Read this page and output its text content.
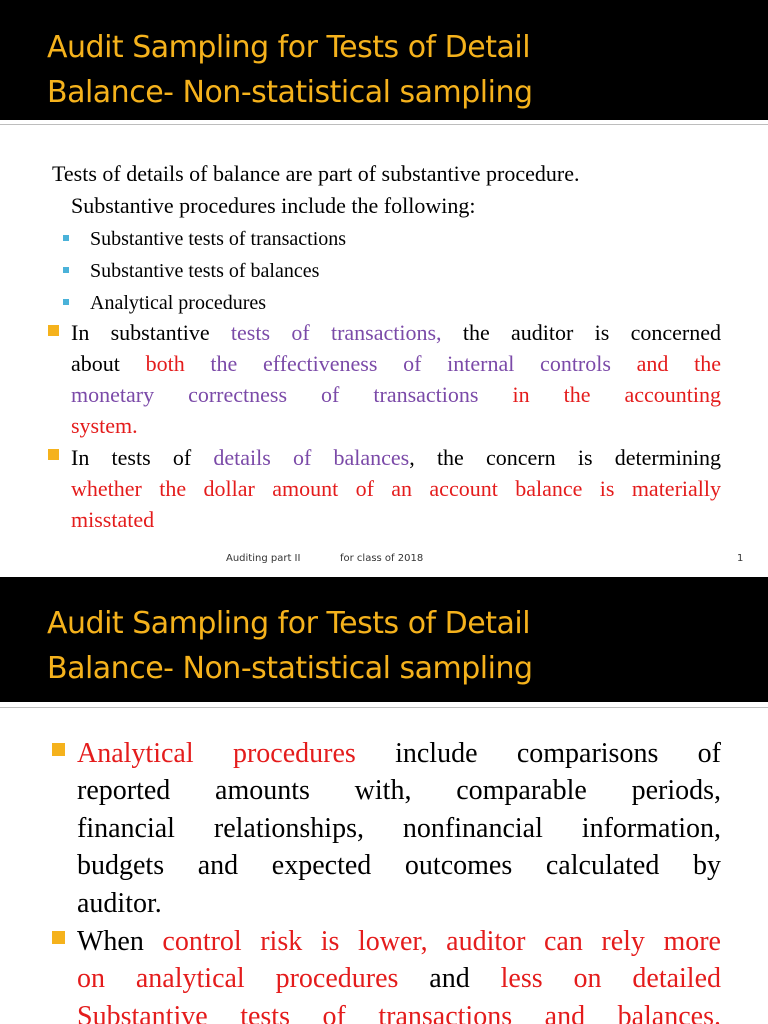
Audit Sampling for Tests of Detail
Balance- Non-statistical sampling
Tests of details of balance are part of substantive procedure.
Substantive procedures include the following:
Substantive tests of transactions
Substantive tests of balances
Analytical procedures
In substantive tests of transactions, the auditor is concerned
about both the effectiveness of internal controls and the
monetary correctness of transactions in the accounting
system.
In tests of details of balances, the concern is determining
whether the dollar amount of an account balance is materially
misstated
Auditing part II	for class of 2018	1
Audit Sampling for Tests of Detail
Balance- Non-statistical sampling
Analytical procedures include comparisons of
reported amounts with, comparable periods,
financial relationships, nonfinancial information,
budgets and expected outcomes calculated by
auditor.
When control risk is lower, auditor can rely more
on analytical procedures and less on detailed
Substantive tests of transactions and balances.
